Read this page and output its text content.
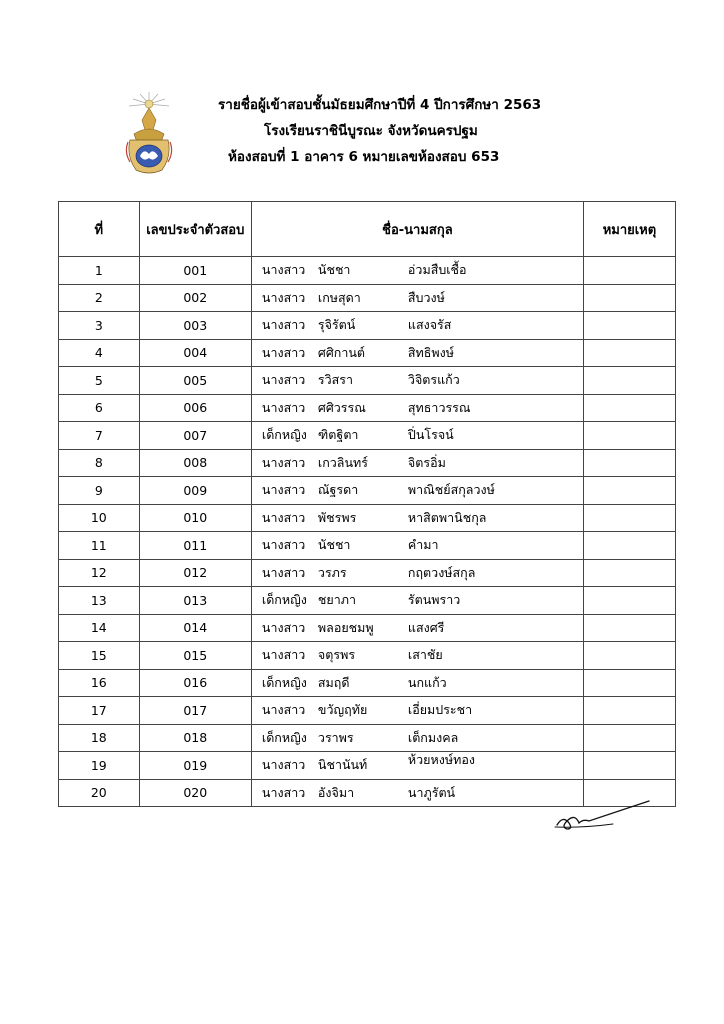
รายชื่อผู้เข้าสอบชั้นมัธยมศึกษาปีที่ 4 ปีการศึกษา 2563
โรงเรียนราชินีบูรณะ จังหวัดนครปฐม
ห้องสอบที่ 1 อาคาร 6 หมายเลขห้องสอบ 653
ที่	เลขประจำตัวสอบ	ชื่อ-นามสกุล	หมายเหตุ
1	001	นางสาว นัชชา อ่วมสืบเชื้อ	

2	002	นางสาว เกษสุดา สืบวงษ์	

3	003	นางสาว รุจิรัตน์ แสงจรัส	

4	004	นางสาว ศศิกานต์ สิทธิพงษ์	

5	005	นางสาว รวิสรา วิจิตรแก้ว	

6	006	นางสาว ศศิวรรณ สุทธาวรรณ	

7	007	เด็กหญิง ฑิตฐิตา ปิ่นโรจน์	

8	008	นางสาว เกวลินทร์ จิตรอิ่ม	

9	009	นางสาว ณัฐรดา พาณิชย์สกุลวงษ์	

10	010	นางสาว พัชรพร หาสิตพานิชกุล	

11	011	นางสาว นัชชา คำมา	

12	012	นางสาว วรภร กฤตวงษ์สกุล	

13	013	เด็กหญิง ชยาภา รัตนพราว	

14	014	นางสาว พลอยชมพู แสงศรี	

15	015	นางสาว จตุรพร เสาชัย	

16	016	เด็กหญิง สมฤดี นกแก้ว	

17	017	นางสาว ขวัญฤทัย เอี่ยมประชา	

18	018	เด็กหญิง วราพร เต็กมงคล	

19	019	นางสาว นิชานันท์ ห้วยหงษ์ทอง	

20	020	นางสาว อังจิมา นาภูรัตน์	
